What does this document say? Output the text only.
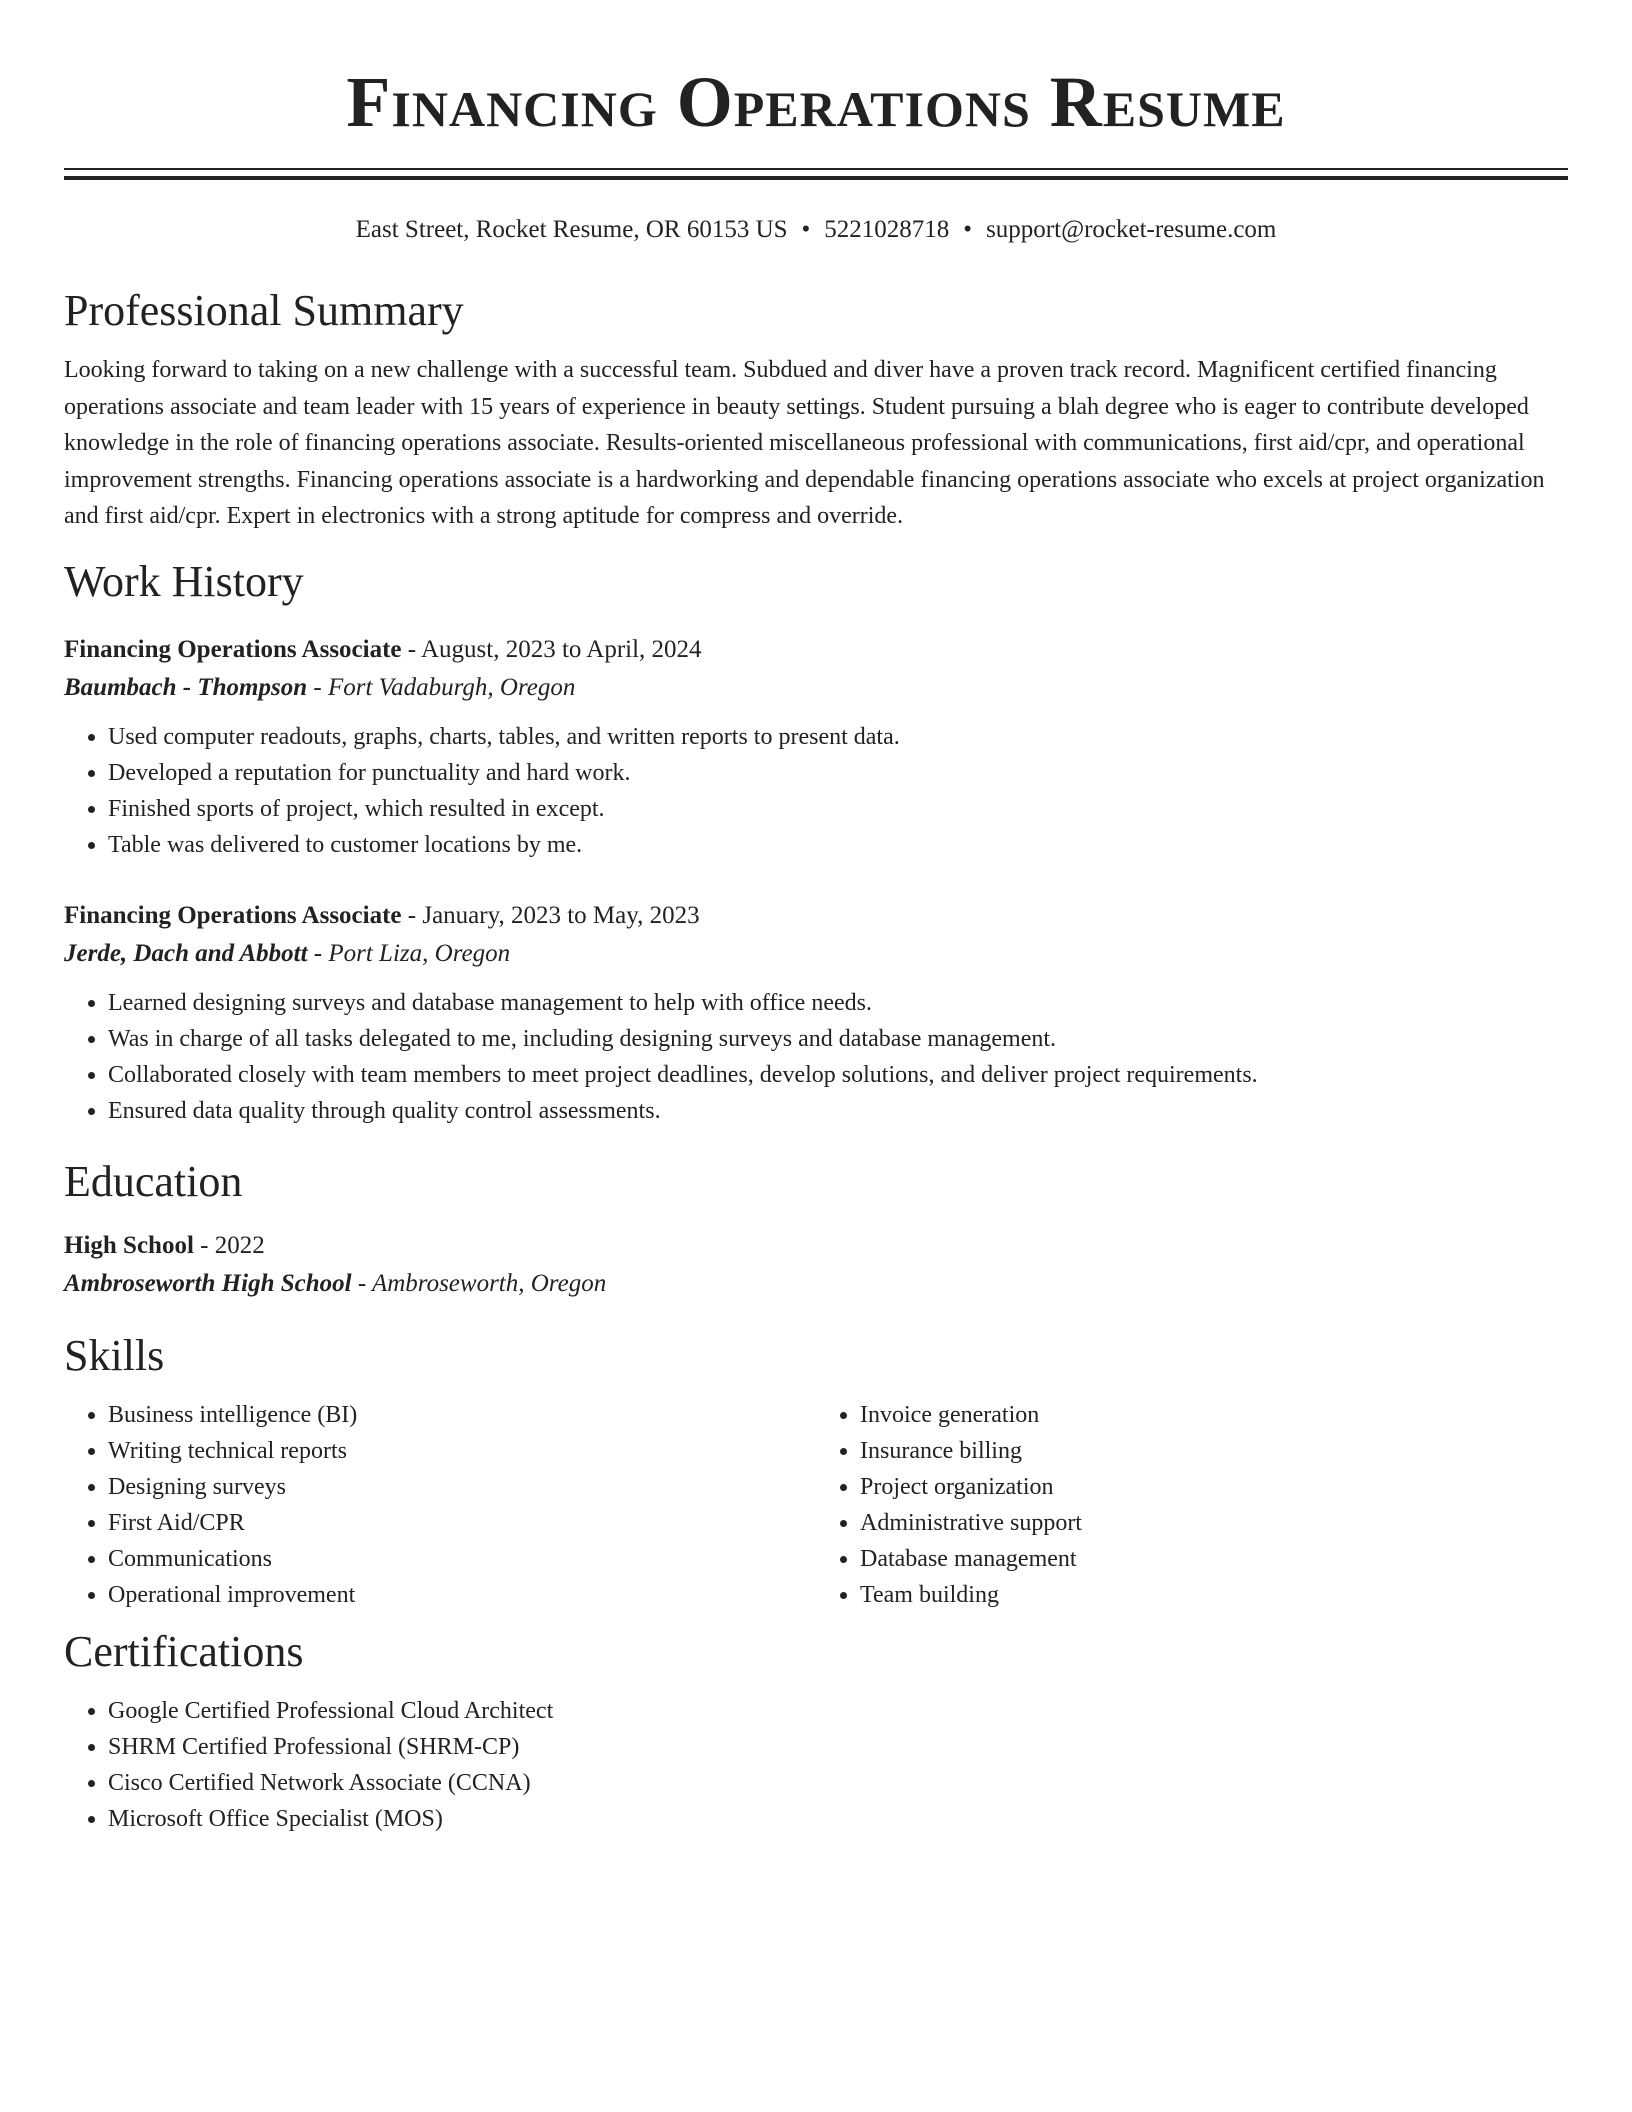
Financing Operations Resume
East Street, Rocket Resume, OR 60153 US • 5221028718 • support@rocket-resume.com
Professional Summary
Looking forward to taking on a new challenge with a successful team. Subdued and diver have a proven track record. Magnificent certified financing operations associate and team leader with 15 years of experience in beauty settings. Student pursuing a blah degree who is eager to contribute developed knowledge in the role of financing operations associate. Results-oriented miscellaneous professional with communications, first aid/cpr, and operational improvement strengths. Financing operations associate is a hardworking and dependable financing operations associate who excels at project organization and first aid/cpr. Expert in electronics with a strong aptitude for compress and override.
Work History
Financing Operations Associate - August, 2023 to April, 2024
Baumbach - Thompson - Fort Vadaburgh, Oregon
• Used computer readouts, graphs, charts, tables, and written reports to present data.
• Developed a reputation for punctuality and hard work.
• Finished sports of project, which resulted in except.
• Table was delivered to customer locations by me.
Financing Operations Associate - January, 2023 to May, 2023
Jerde, Dach and Abbott - Port Liza, Oregon
• Learned designing surveys and database management to help with office needs.
• Was in charge of all tasks delegated to me, including designing surveys and database management.
• Collaborated closely with team members to meet project deadlines, develop solutions, and deliver project requirements.
• Ensured data quality through quality control assessments.
Education
High School - 2022
Ambroseworth High School - Ambroseworth, Oregon
Skills
• Business intelligence (BI)
• Writing technical reports
• Designing surveys
• First Aid/CPR
• Communications
• Operational improvement
• Invoice generation
• Insurance billing
• Project organization
• Administrative support
• Database management
• Team building
Certifications
• Google Certified Professional Cloud Architect
• SHRM Certified Professional (SHRM-CP)
• Cisco Certified Network Associate (CCNA)
• Microsoft Office Specialist (MOS)
